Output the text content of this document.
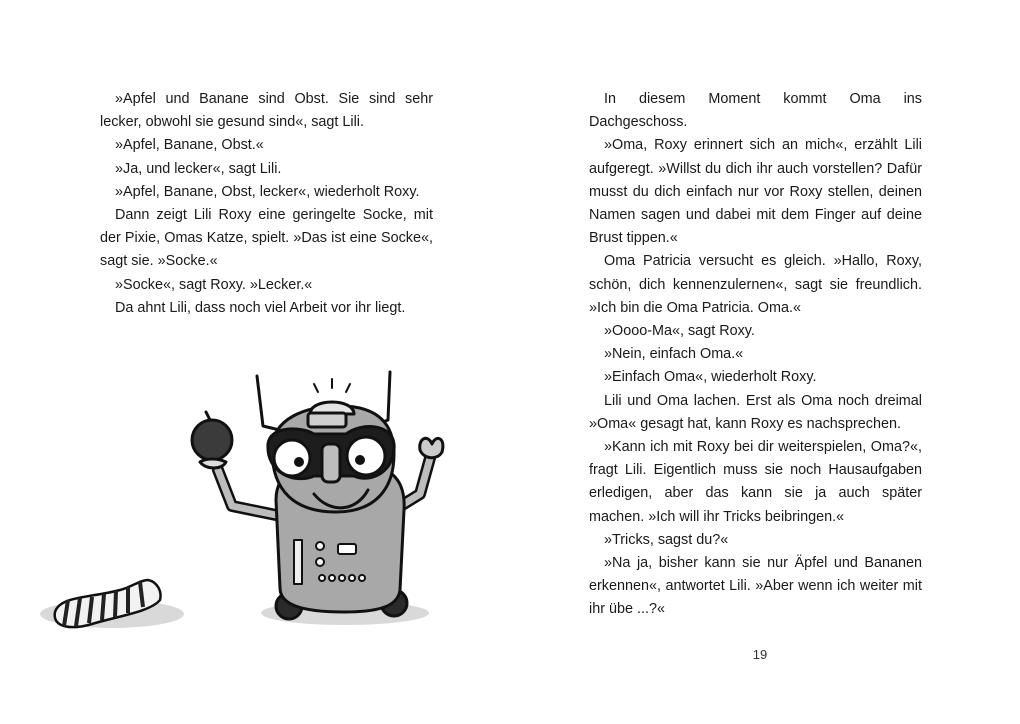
»Apfel und Banane sind Obst. Sie sind sehr lecker, obwohl sie gesund sind«, sagt Lili.

»Apfel, Banane, Obst.«

»Ja, und lecker«, sagt Lili.

»Apfel, Banane, Obst, lecker«, wiederholt Roxy.

Dann zeigt Lili Roxy eine geringelte Socke, mit der Pixie, Omas Katze, spielt. »Das ist eine Socke«, sagt sie. »Socke.«

»Socke«, sagt Roxy. »Lecker.«

Da ahnt Lili, dass noch viel Arbeit vor ihr liegt.

In diesem Moment kommt Oma ins Dachgeschoss.

»Oma, Roxy erinnert sich an mich«, erzählt Lili aufgeregt. »Willst du dich ihr auch vorstellen? Dafür musst du dich einfach nur vor Roxy stellen, deinen Namen sagen und dabei mit dem Finger auf deine Brust tippen.«

Oma Patricia versucht es gleich. »Hallo, Roxy, schön, dich kennenzulernen«, sagt sie freundlich. »Ich bin die Oma Patricia. Oma.«

»Oooo-Ma«, sagt Roxy.

»Nein, einfach Oma.«

»Einfach Oma«, wiederholt Roxy.

Lili und Oma lachen. Erst als Oma noch dreimal »Oma« gesagt hat, kann Roxy es nachsprechen.

»Kann ich mit Roxy bei dir weiterspielen, Oma?«, fragt Lili. Eigentlich muss sie noch Hausaufgaben erledigen, aber das kann sie ja auch später machen. »Ich will ihr Tricks beibringen.«

»Tricks, sagst du?«

»Na ja, bisher kann sie nur Äpfel und Bananen erkennen«, antwortet Lili. »Aber wenn ich weiter mit ihr übe ...?«

19
